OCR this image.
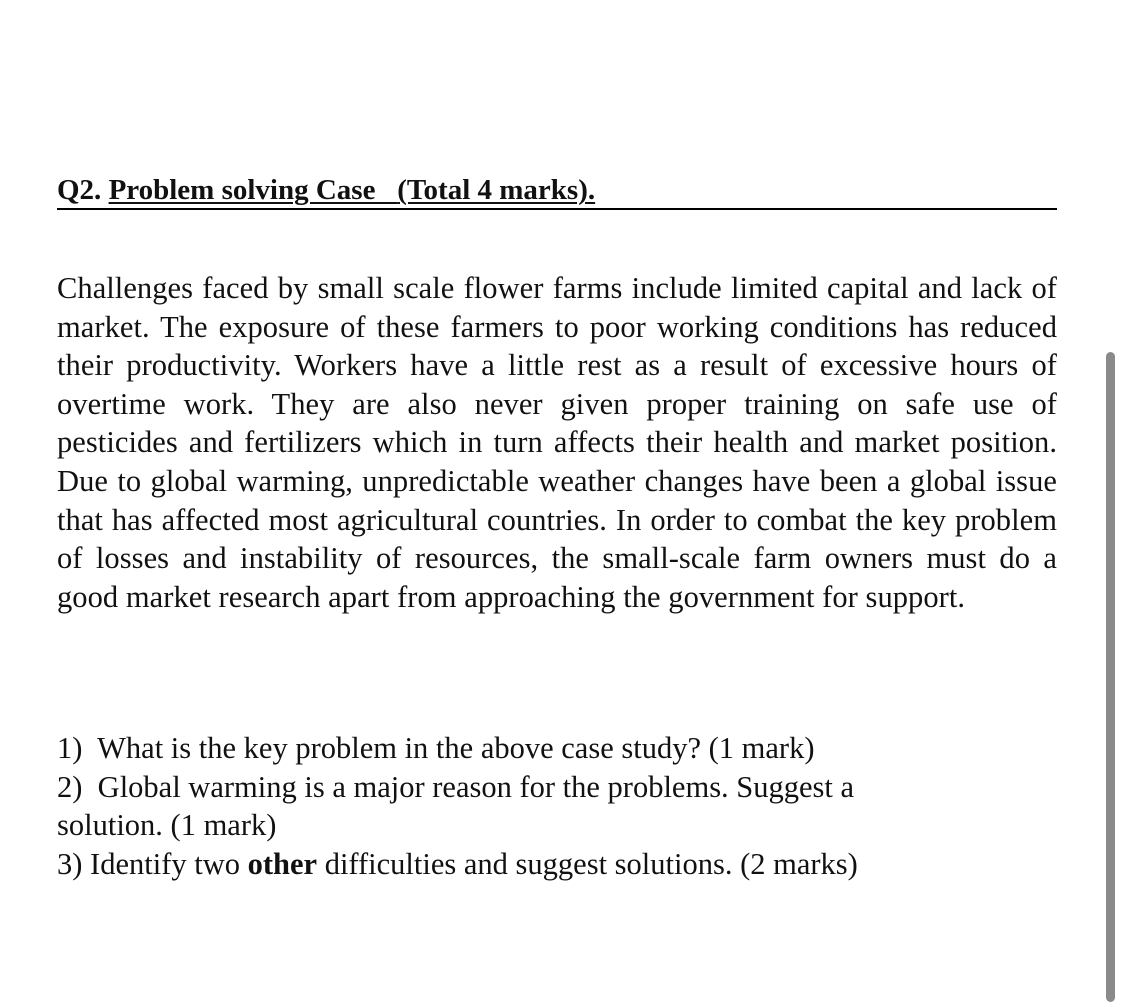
Q2. Problem solving Case (Total 4 marks).

Challenges faced by small scale flower farms include limited capital and lack of market. The exposure of these farmers to poor working conditions has reduced their productivity. Workers have a little rest as a result of excessive hours of overtime work. They are also never given proper training on safe use of pesticides and fertilizers which in turn affects their health and market position. Due to global warming, unpredictable weather changes have been a global issue that has affected most agricultural countries. In order to combat the key problem of losses and instability of resources, the small-scale farm owners must do a good market research apart from approaching the government for support.

1) What is the key problem in the above case study? (1 mark)
2) Global warming is a major reason for the problems. Suggest a solution. (1 mark)
3) Identify two other difficulties and suggest solutions. (2 marks)
